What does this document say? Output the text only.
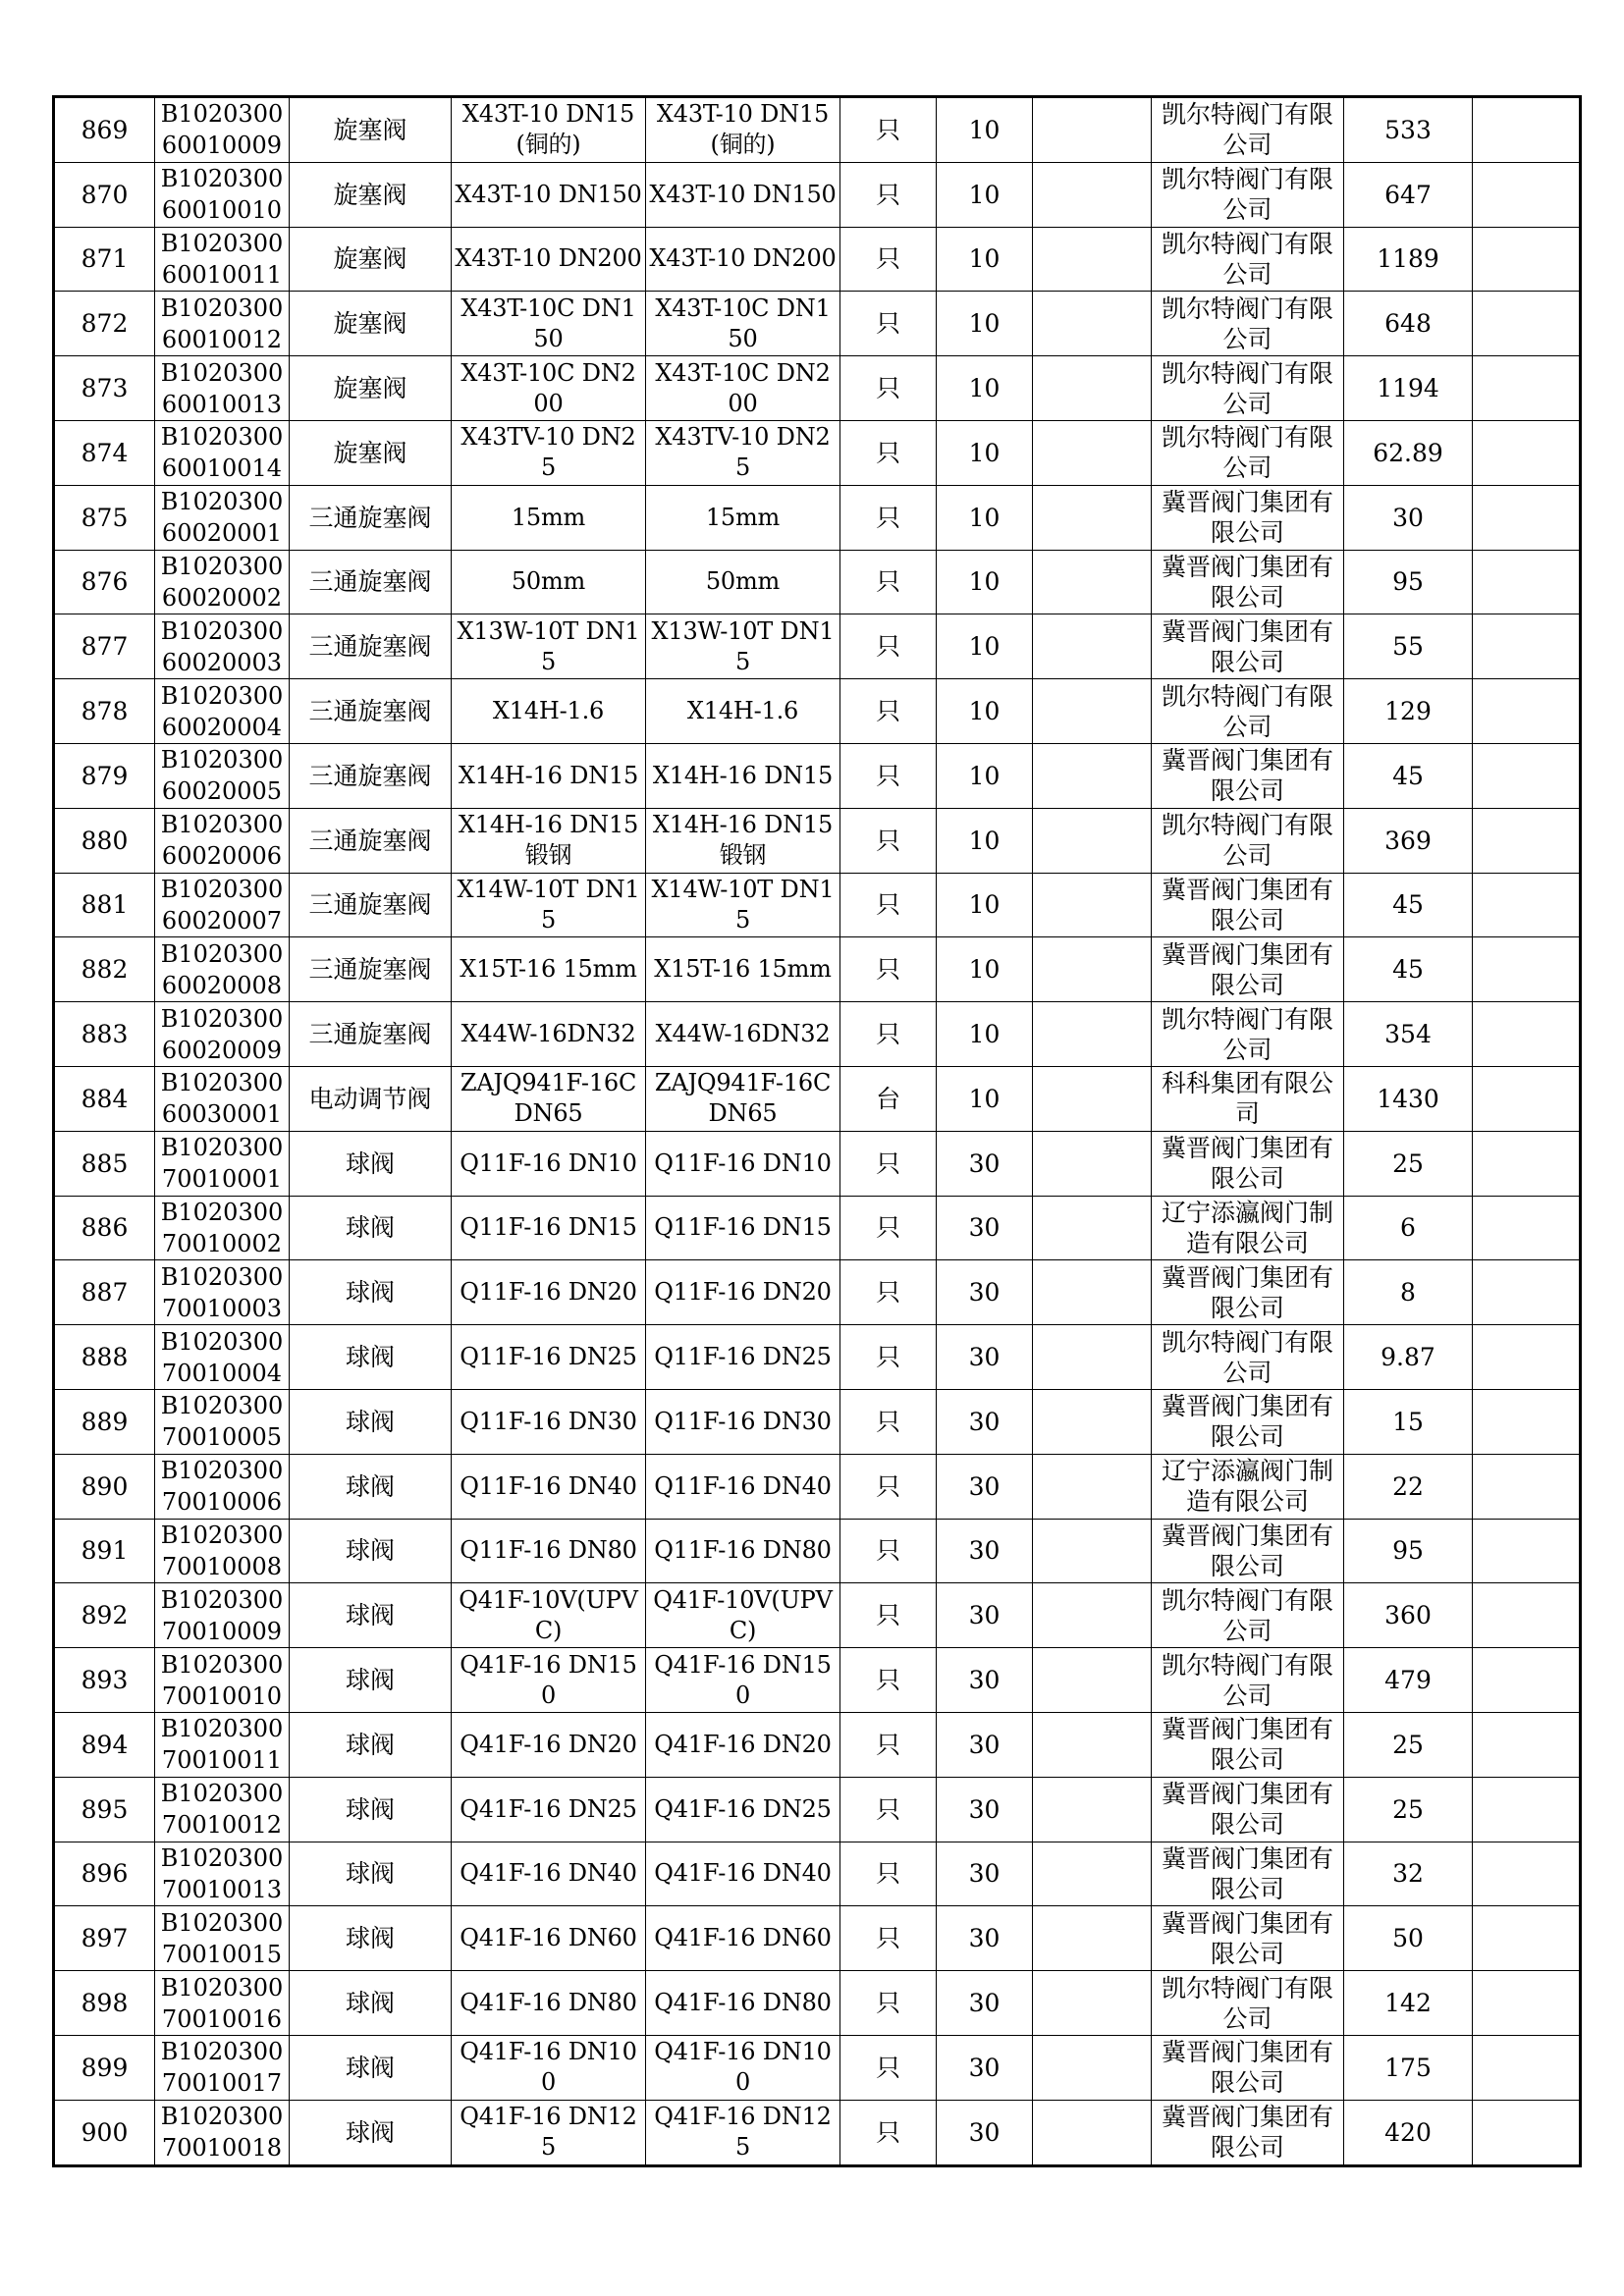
869	B102030060010009	旋塞阀	X43T-10 DN15(铜的)	X43T-10 DN15(铜的)	只	10		凯尔特阀门有限公司	533	
870	B102030060010010	旋塞阀	X43T-10 DN150	X43T-10 DN150	只	10		凯尔特阀门有限公司	647	
871	B102030060010011	旋塞阀	X43T-10 DN200	X43T-10 DN200	只	10		凯尔特阀门有限公司	1189	
872	B102030060010012	旋塞阀	X43T-10C DN150	X43T-10C DN150	只	10		凯尔特阀门有限公司	648	
873	B102030060010013	旋塞阀	X43T-10C DN200	X43T-10C DN200	只	10		凯尔特阀门有限公司	1194	
874	B102030060010014	旋塞阀	X43TV-10 DN25	X43TV-10 DN25	只	10		凯尔特阀门有限公司	62.89	
875	B102030060020001	三通旋塞阀	15mm	15mm	只	10		冀晋阀门集团有限公司	30	
876	B102030060020002	三通旋塞阀	50mm	50mm	只	10		冀晋阀门集团有限公司	95	
877	B102030060020003	三通旋塞阀	X13W-10T DN15	X13W-10T DN15	只	10		冀晋阀门集团有限公司	55	
878	B102030060020004	三通旋塞阀	X14H-1.6	X14H-1.6	只	10		凯尔特阀门有限公司	129	
879	B102030060020005	三通旋塞阀	X14H-16 DN15	X14H-16 DN15	只	10		冀晋阀门集团有限公司	45	
880	B102030060020006	三通旋塞阀	X14H-16 DN15 锻钢	X14H-16 DN15 锻钢	只	10		凯尔特阀门有限公司	369	
881	B102030060020007	三通旋塞阀	X14W-10T DN15	X14W-10T DN15	只	10		冀晋阀门集团有限公司	45	
882	B102030060020008	三通旋塞阀	X15T-16 15mm	X15T-16 15mm	只	10		冀晋阀门集团有限公司	45	
883	B102030060020009	三通旋塞阀	X44W-16DN32	X44W-16DN32	只	10		凯尔特阀门有限公司	354	
884	B102030060030001	电动调节阀	ZAJQ941F-16C DN65	ZAJQ941F-16C DN65	台	10		科科集团有限公司	1430	
885	B102030070010001	球阀	Q11F-16 DN10	Q11F-16 DN10	只	30		冀晋阀门集团有限公司	25	
886	B102030070010002	球阀	Q11F-16 DN15	Q11F-16 DN15	只	30		辽宁添瀛阀门制造有限公司	6	
887	B102030070010003	球阀	Q11F-16 DN20	Q11F-16 DN20	只	30		冀晋阀门集团有限公司	8	
888	B102030070010004	球阀	Q11F-16 DN25	Q11F-16 DN25	只	30		凯尔特阀门有限公司	9.87	
889	B102030070010005	球阀	Q11F-16 DN30	Q11F-16 DN30	只	30		冀晋阀门集团有限公司	15	
890	B102030070010006	球阀	Q11F-16 DN40	Q11F-16 DN40	只	30		辽宁添瀛阀门制造有限公司	22	
891	B102030070010008	球阀	Q11F-16 DN80	Q11F-16 DN80	只	30		冀晋阀门集团有限公司	95	
892	B102030070010009	球阀	Q41F-10V(UPVC)	Q41F-10V(UPVC)	只	30		凯尔特阀门有限公司	360	
893	B102030070010010	球阀	Q41F-16 DN150	Q41F-16 DN150	只	30		凯尔特阀门有限公司	479	
894	B102030070010011	球阀	Q41F-16 DN20	Q41F-16 DN20	只	30		冀晋阀门集团有限公司	25	
895	B102030070010012	球阀	Q41F-16 DN25	Q41F-16 DN25	只	30		冀晋阀门集团有限公司	25	
896	B102030070010013	球阀	Q41F-16 DN40	Q41F-16 DN40	只	30		冀晋阀门集团有限公司	32	
897	B102030070010015	球阀	Q41F-16 DN60	Q41F-16 DN60	只	30		冀晋阀门集团有限公司	50	
898	B102030070010016	球阀	Q41F-16 DN80	Q41F-16 DN80	只	30		凯尔特阀门有限公司	142	
899	B102030070010017	球阀	Q41F-16 DN100	Q41F-16 DN100	只	30		冀晋阀门集团有限公司	175	
900	B102030070010018	球阀	Q41F-16 DN125	Q41F-16 DN125	只	30		冀晋阀门集团有限公司	420	
